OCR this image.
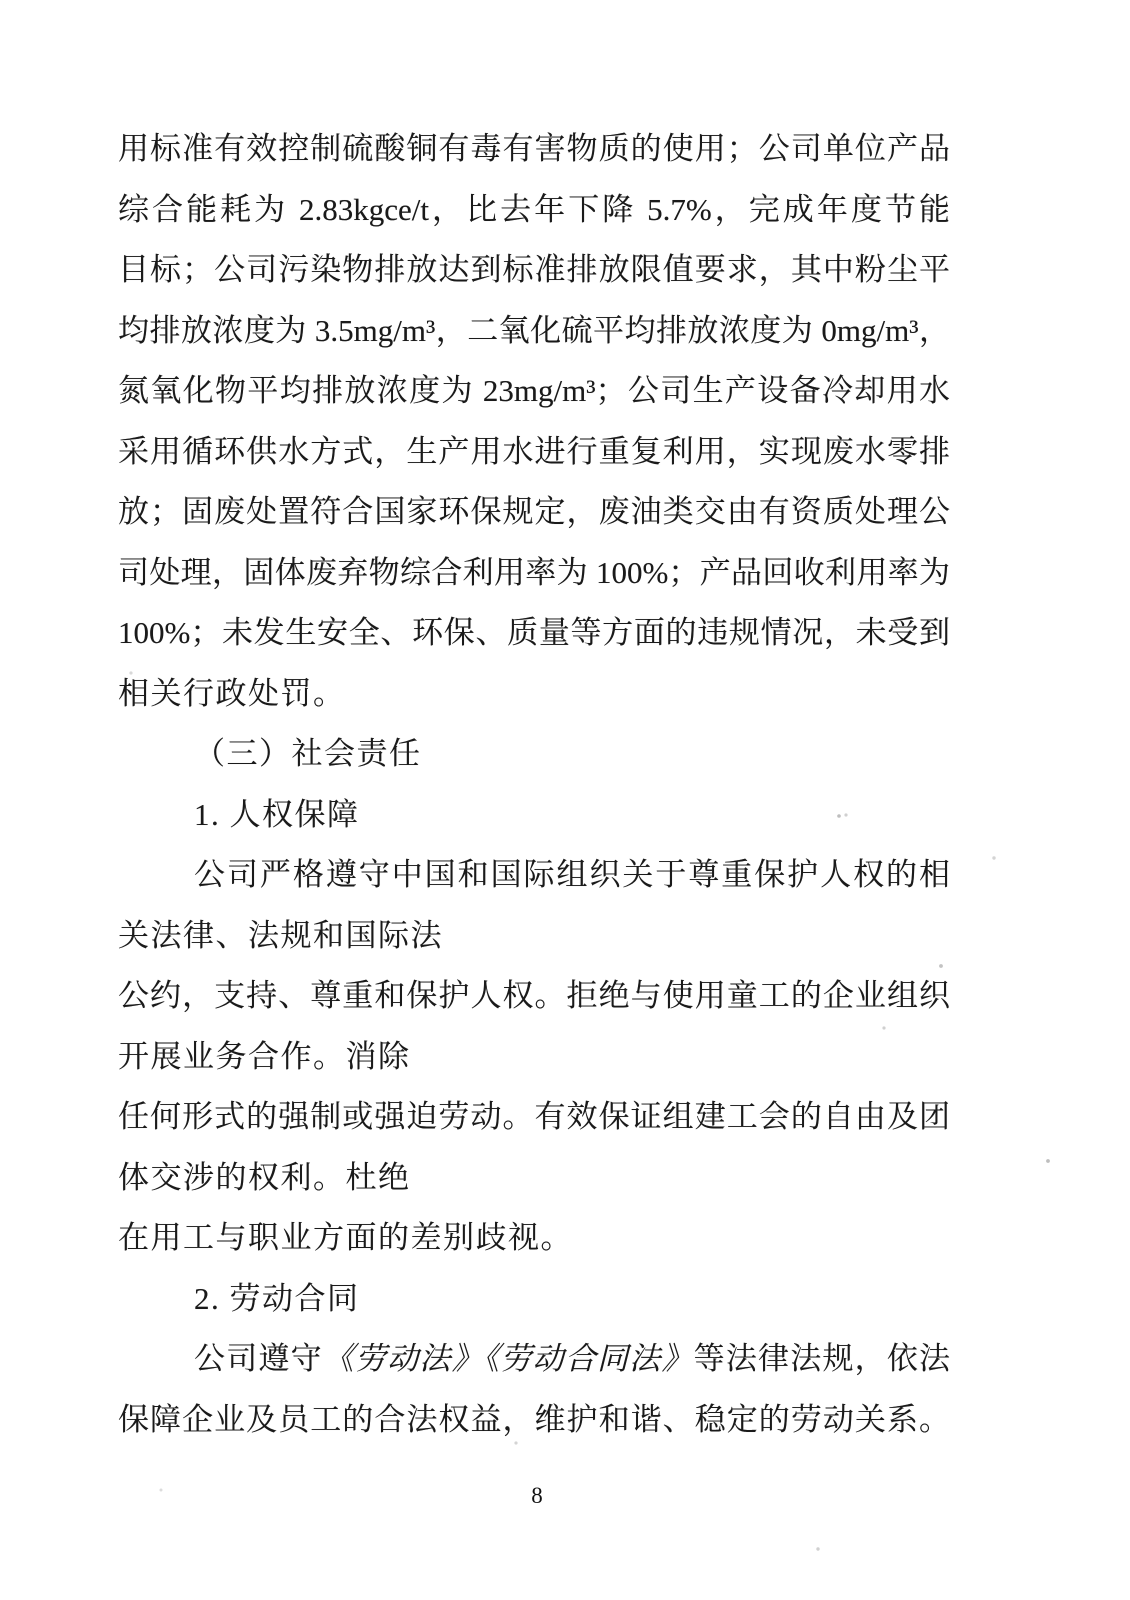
用标准有效控制硫酸铜有毒有害物质的使用；公司单位产品
综合能耗为 2.83kgce/t，比去年下降 5.7%，完成年度节能
目标；公司污染物排放达到标准排放限值要求，其中粉尘平
均排放浓度为 3.5mg/m³，二氧化硫平均排放浓度为 0mg/m³，
氮氧化物平均排放浓度为 23mg/m³；公司生产设备冷却用水
采用循环供水方式，生产用水进行重复利用，实现废水零排
放；固废处置符合国家环保规定，废油类交由有资质处理公
司处理，固体废弃物综合利用率为 100%；产品回收利用率为
100%；未发生安全、环保、质量等方面的违规情况，未受到
相关行政处罚。
（三）社会责任
1. 人权保障
公司严格遵守中国和国际组织关于尊重保护人权的相
关法律、法规和国际法
公约，支持、尊重和保护人权。拒绝与使用童工的企业组织
开展业务合作。消除
任何形式的强制或强迫劳动。有效保证组建工会的自由及团
体交涉的权利。杜绝
在用工与职业方面的差别歧视。
2. 劳动合同
公司遵守《劳动法》《劳动合同法》等法律法规，依法
保障企业及员工的合法权益，维护和谐、稳定的劳动关系。
8
